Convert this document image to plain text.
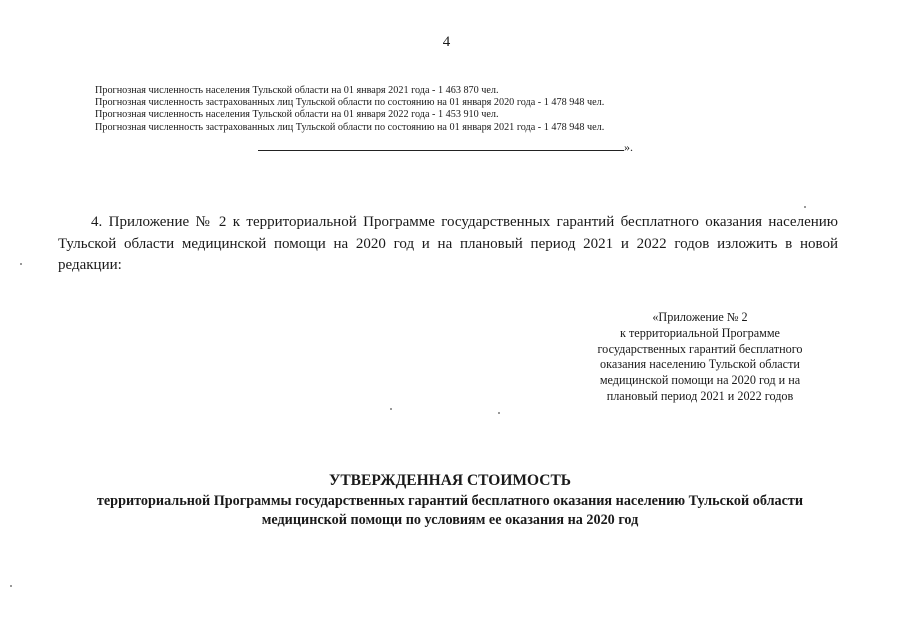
4
Прогнозная численность населения Тульской области на 01 января 2021 года - 1 463 870 чел.
Прогнозная численность застрахованных лиц Тульской области по состоянию на 01 января 2020 года - 1 478 948 чел.
Прогнозная численность населения Тульской области на 01 января 2022 года - 1 453 910 чел.
Прогнозная численность застрахованных лиц Тульской области по состоянию на 01 января 2021 года - 1 478 948 чел.
».

4. Приложение № 2 к территориальной Программе государственных гарантий бесплатного оказания населению Тульской области медицинской помощи на 2020 год и на плановый период 2021 и 2022 годов изложить в новой редакции:

«Приложение № 2
к территориальной Программе
государственных гарантий бесплатного
оказания населению Тульской области
медицинской помощи на 2020 год и на
плановый период 2021 и 2022 годов
УТВЕРЖДЕННАЯ СТОИМОСТЬ
территориальной Программы государственных гарантий бесплатного оказания населению Тульской области
медицинской помощи по условиям ее оказания на 2020 год
